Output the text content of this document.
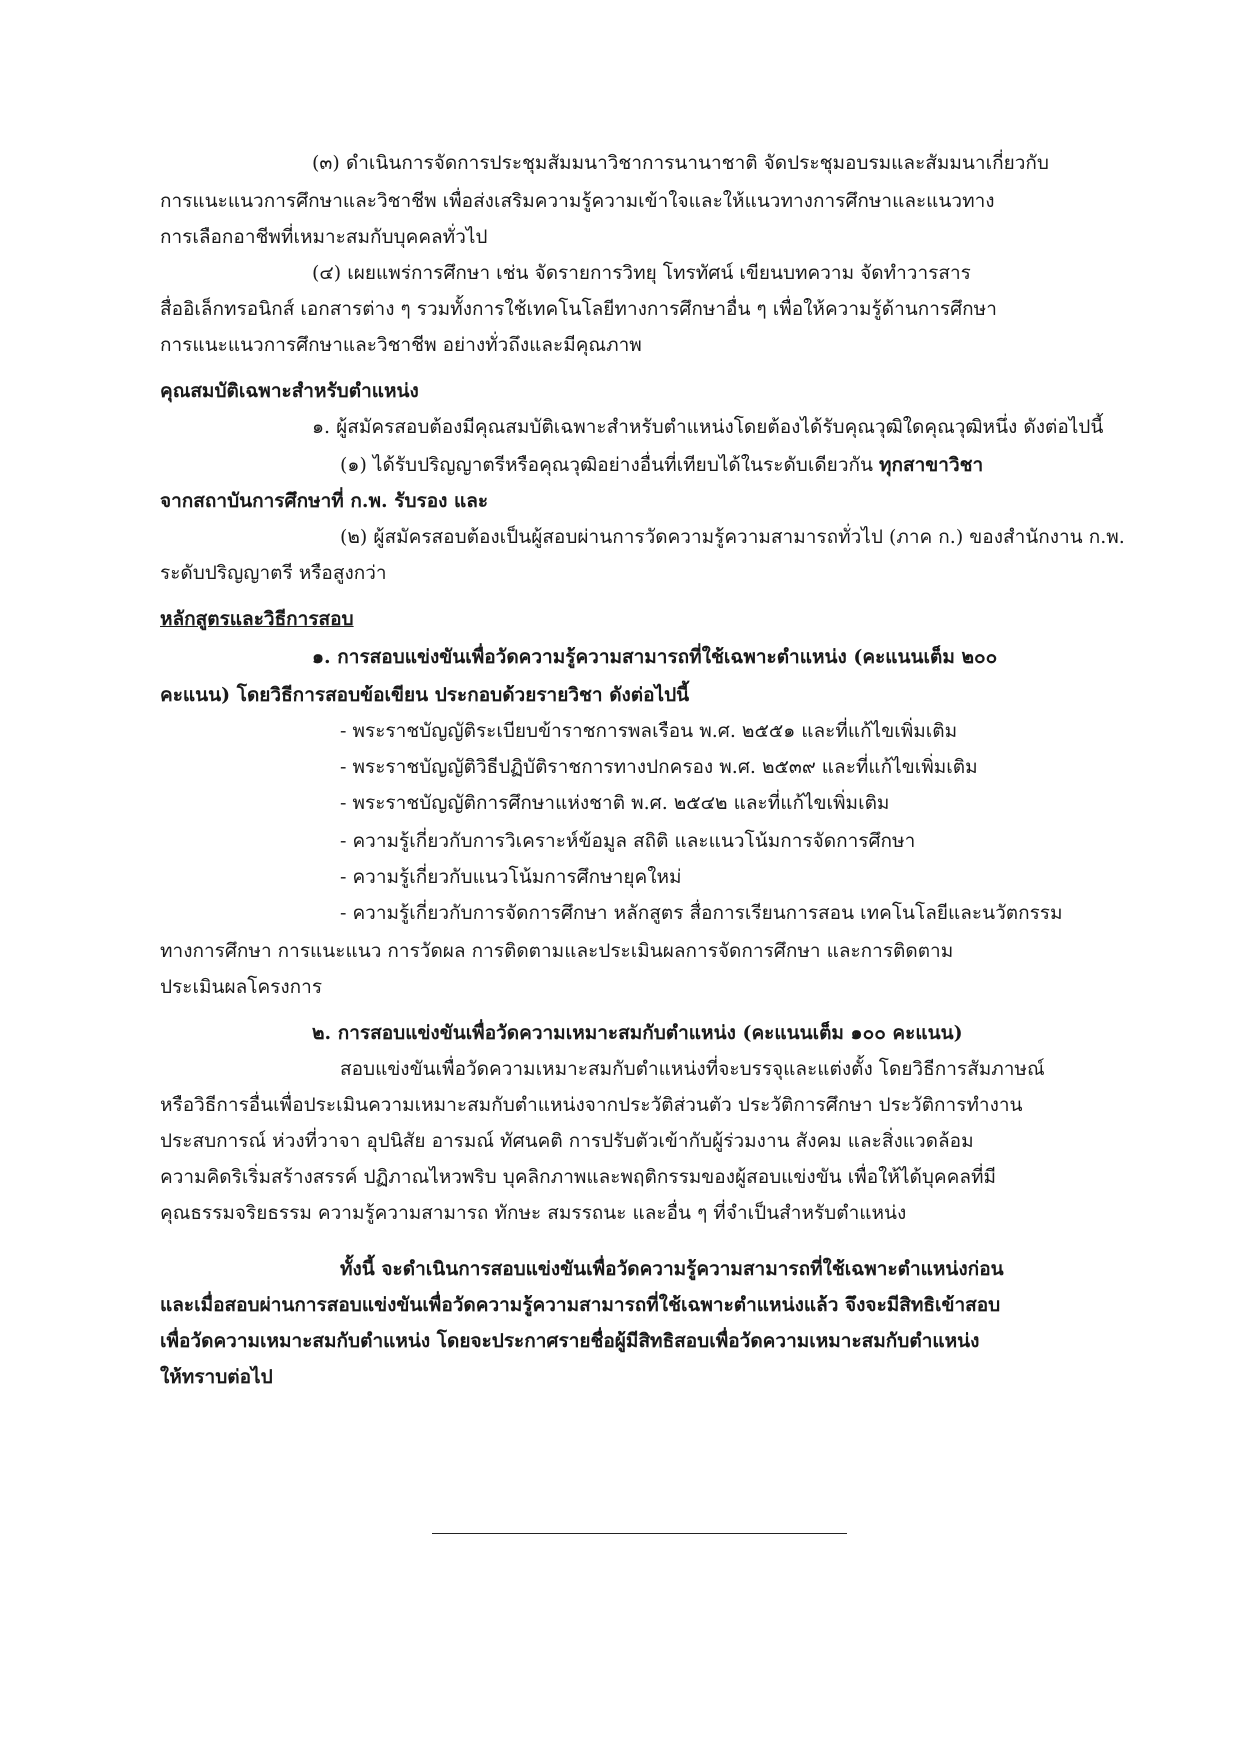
(๓) ดำเนินการจัดการประชุมสัมมนาวิชาการนานาชาติ จัดประชุมอบรมและสัมมนาเกี่ยวกับ
การแนะแนวการศึกษาและวิชาชีพ เพื่อส่งเสริมความรู้ความเข้าใจและให้แนวทางการศึกษาและแนวทาง
การเลือกอาชีพที่เหมาะสมกับบุคคลทั่วไป
(๔) เผยแพร่การศึกษา เช่น จัดรายการวิทยุ โทรทัศน์ เขียนบทความ จัดทำวารสาร
สื่ออิเล็กทรอนิกส์ เอกสารต่าง ๆ รวมทั้งการใช้เทคโนโลยีทางการศึกษาอื่น ๆ เพื่อให้ความรู้ด้านการศึกษา
การแนะแนวการศึกษาและวิชาชีพ อย่างทั่วถึงและมีคุณภาพ
คุณสมบัติเฉพาะสำหรับตำแหน่ง
๑. ผู้สมัครสอบต้องมีคุณสมบัติเฉพาะสำหรับตำแหน่งโดยต้องได้รับคุณวุฒิใดคุณวุฒิหนึ่ง ดังต่อไปนี้
(๑) ได้รับปริญญาตรีหรือคุณวุฒิอย่างอื่นที่เทียบได้ในระดับเดียวกัน ทุกสาขาวิชา
จากสถาบันการศึกษาที่ ก.พ. รับรอง และ
(๒) ผู้สมัครสอบต้องเป็นผู้สอบผ่านการวัดความรู้ความสามารถทั่วไป (ภาค ก.) ของสำนักงาน ก.พ.
ระดับปริญญาตรี หรือสูงกว่า
หลักสูตรและวิธีการสอบ
๑. การสอบแข่งขันเพื่อวัดความรู้ความสามารถที่ใช้เฉพาะตำแหน่ง (คะแนนเต็ม ๒๐๐
คะแนน) โดยวิธีการสอบข้อเขียน ประกอบด้วยรายวิชา ดังต่อไปนี้
- พระราชบัญญัติระเบียบข้าราชการพลเรือน พ.ศ. ๒๕๕๑ และที่แก้ไขเพิ่มเติม
- พระราชบัญญัติวิธีปฏิบัติราชการทางปกครอง พ.ศ. ๒๕๓๙ และที่แก้ไขเพิ่มเติม
- พระราชบัญญัติการศึกษาแห่งชาติ พ.ศ. ๒๕๔๒ และที่แก้ไขเพิ่มเติม
- ความรู้เกี่ยวกับการวิเคราะห์ข้อมูล สถิติ และแนวโน้มการจัดการศึกษา
- ความรู้เกี่ยวกับแนวโน้มการศึกษายุคใหม่
- ความรู้เกี่ยวกับการจัดการศึกษา หลักสูตร สื่อการเรียนการสอน เทคโนโลยีและนวัตกรรม
ทางการศึกษา การแนะแนว การวัดผล การติดตามและประเมินผลการจัดการศึกษา และการติดตาม
ประเมินผลโครงการ
๒. การสอบแข่งขันเพื่อวัดความเหมาะสมกับตำแหน่ง (คะแนนเต็ม ๑๐๐ คะแนน)
สอบแข่งขันเพื่อวัดความเหมาะสมกับตำแหน่งที่จะบรรจุและแต่งตั้ง โดยวิธีการสัมภาษณ์
หรือวิธีการอื่นเพื่อประเมินความเหมาะสมกับตำแหน่งจากประวัติส่วนตัว ประวัติการศึกษา ประวัติการทำงาน
ประสบการณ์ ห่วงที่วาจา อุปนิสัย อารมณ์ ทัศนคติ การปรับตัวเข้ากับผู้ร่วมงาน สังคม และสิ่งแวดล้อม
ความคิดริเริ่มสร้างสรรค์ ปฏิภาณไหวพริบ บุคลิกภาพและพฤติกรรมของผู้สอบแข่งขัน เพื่อให้ได้บุคคลที่มี
คุณธรรมจริยธรรม ความรู้ความสามารถ ทักษะ สมรรถนะ และอื่น ๆ ที่จำเป็นสำหรับตำแหน่ง
ทั้งนี้ จะดำเนินการสอบแข่งขันเพื่อวัดความรู้ความสามารถที่ใช้เฉพาะตำแหน่งก่อน
และเมื่อสอบผ่านการสอบแข่งขันเพื่อวัดความรู้ความสามารถที่ใช้เฉพาะตำแหน่งแล้ว จึงจะมีสิทธิเข้าสอบ
เพื่อวัดความเหมาะสมกับตำแหน่ง โดยจะประกาศรายชื่อผู้มีสิทธิสอบเพื่อวัดความเหมาะสมกับตำแหน่ง
ให้ทราบต่อไป
